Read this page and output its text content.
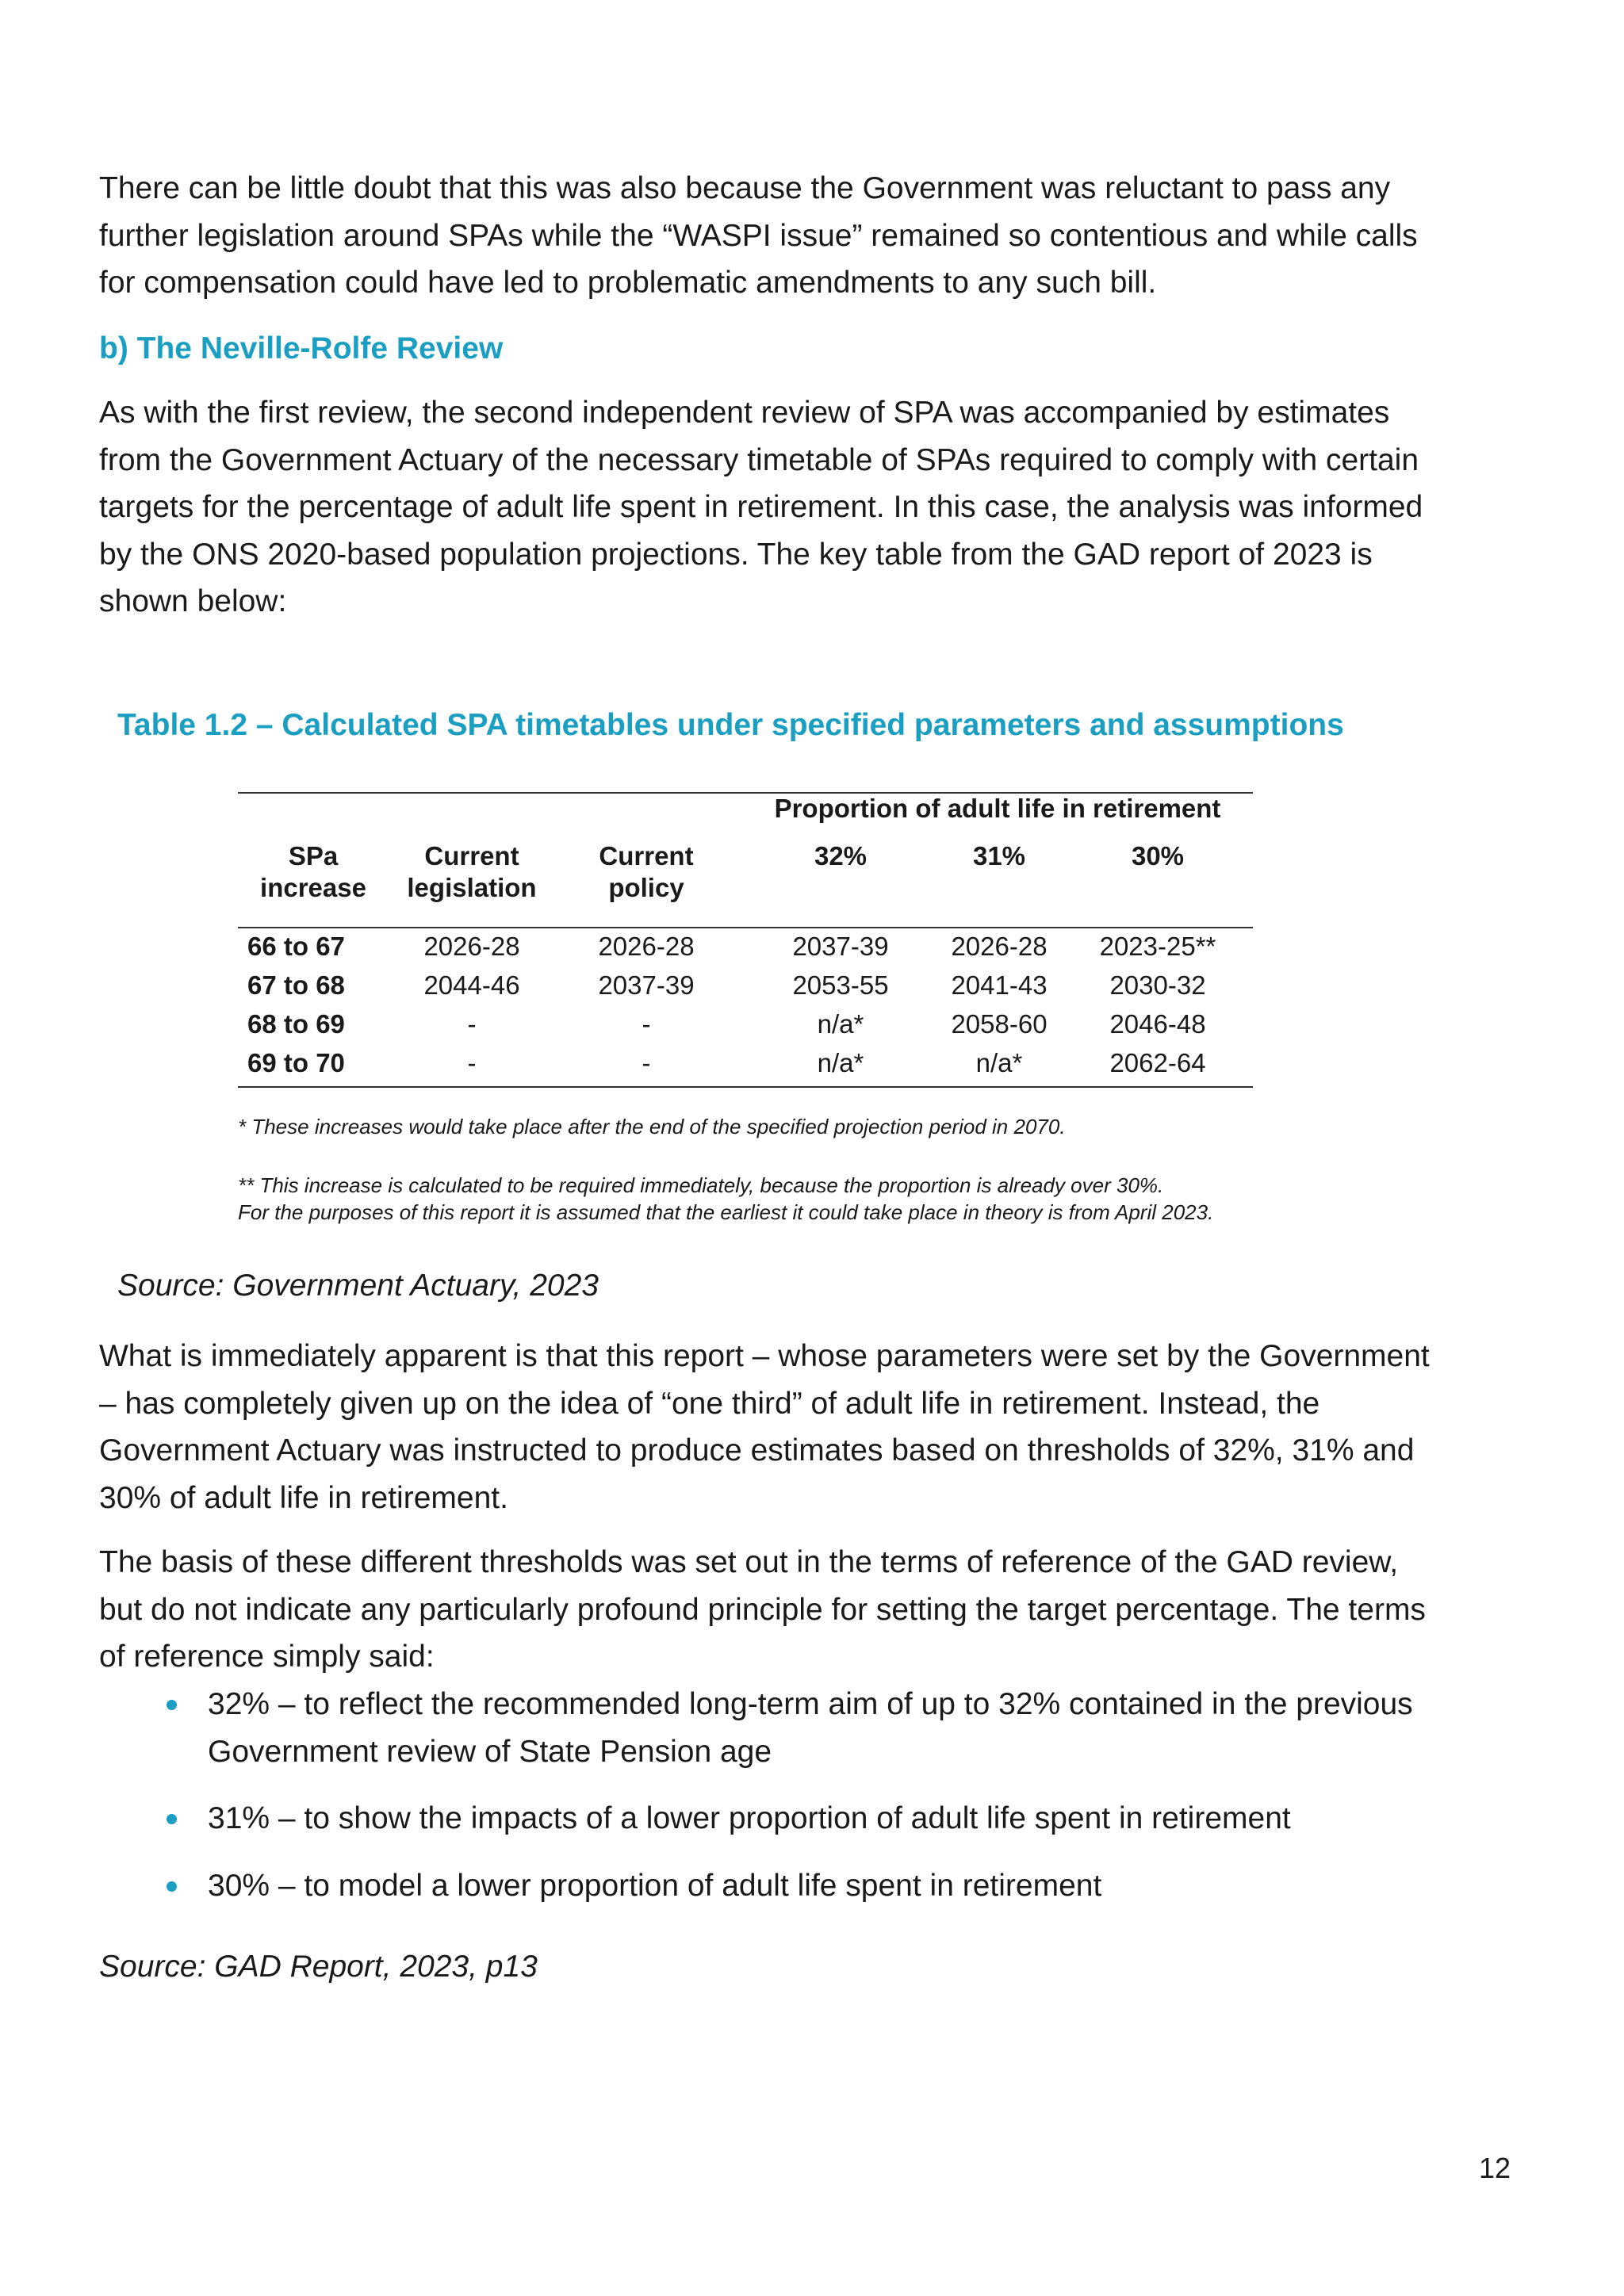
There can be little doubt that this was also because the Government was reluctant to pass any further legislation around SPAs while the “WASPI issue” remained so contentious and while calls for compensation could have led to problematic amendments to any such bill.

b) The Neville-Rolfe Review

As with the first review, the second independent review of SPA was accompanied by estimates from the Government Actuary of the necessary timetable of SPAs required to comply with certain targets for the percentage of adult life spent in retirement. In this case, the analysis was informed by the ONS 2020-based population projections. The key table from the GAD report of 2023 is shown below:

Table 1.2 – Calculated SPA timetables under specified parameters and assumptions

Proportion of adult life in retirement
SPa
increase
Current
legislation
Current
policy
32%	31%	30%
66 to 67	2026-28	2026-28	2037-39	2026-28	2023-25**
67 to 68	2044-46	2037-39	2053-55	2041-43	2030-32
68 to 69	-	-	n/a*	2058-60	2046-48
69 to 70	-	-	n/a*	n/a*	2062-64
* These increases would take place after the end of the specified projection period in 2070.
** This increase is calculated to be required immediately, because the proportion is already over 30%.
For the purposes of this report it is assumed that the earliest it could take place in theory is from April 2023.

Source: Government Actuary, 2023

What is immediately apparent is that this report – whose parameters were set by the Government – has completely given up on the idea of “one third” of adult life in retirement. Instead, the Government Actuary was instructed to produce estimates based on thresholds of 32%, 31% and 30% of adult life in retirement.

The basis of these different thresholds was set out in the terms of reference of the GAD review, but do not indicate any particularly profound principle for setting the target percentage. The terms of reference simply said:

32% – to reflect the recommended long-term aim of up to 32% contained in the previous Government review of State Pension age
31% – to show the impacts of a lower proportion of adult life spent in retirement
30% – to model a lower proportion of adult life spent in retirement

Source: GAD Report, 2023, p13

12
